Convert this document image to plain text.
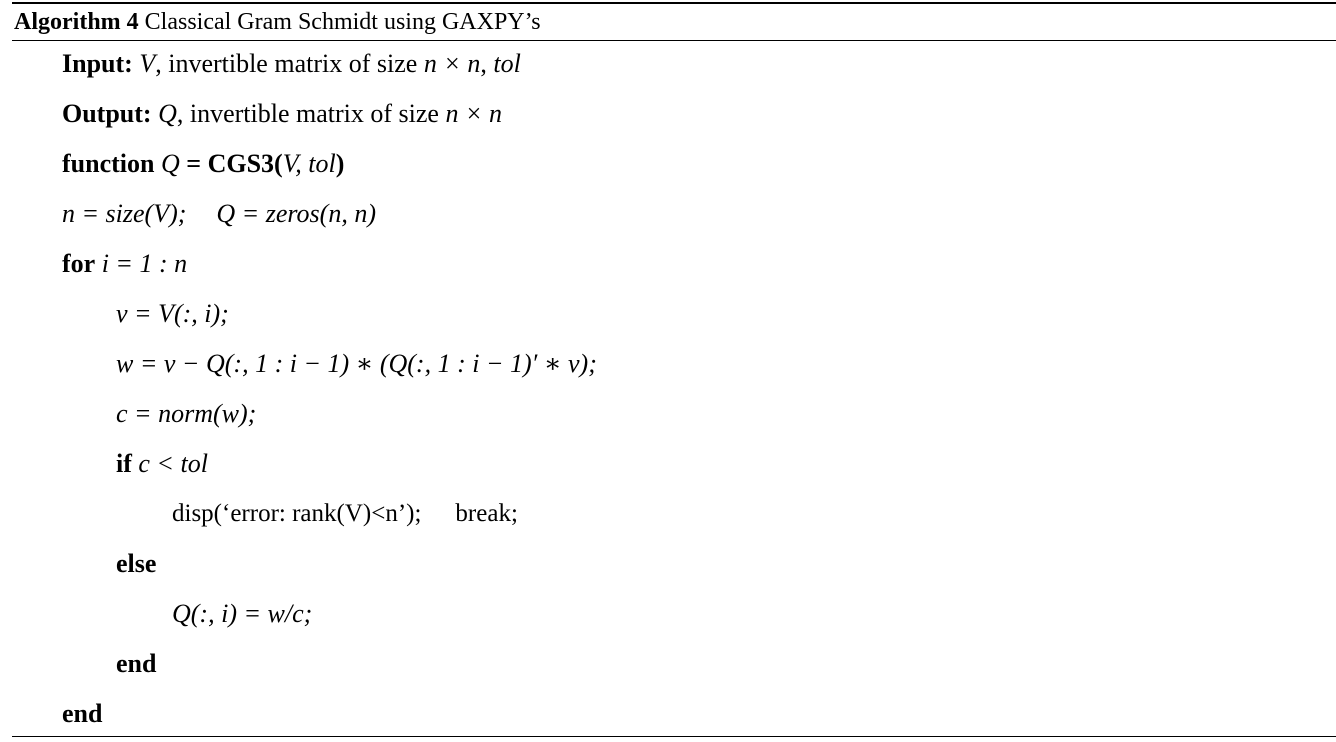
Algorithm 4 Classical Gram Schmidt using GAXPY’s
Input: V, invertible matrix of size n × n, tol
Output: Q, invertible matrix of size n × n
function Q = CGS3(V, tol)
n = size(V); Q = zeros(n, n)
for i = 1 : n
v = V(:, i);
w = v − Q(:, 1 : i − 1) ∗ (Q(:, 1 : i − 1)′ ∗ v);
c = norm(w);
if c < tol
disp(‘error: rank(V)<n’); break;
else
Q(:, i) = w/c;
end
end
